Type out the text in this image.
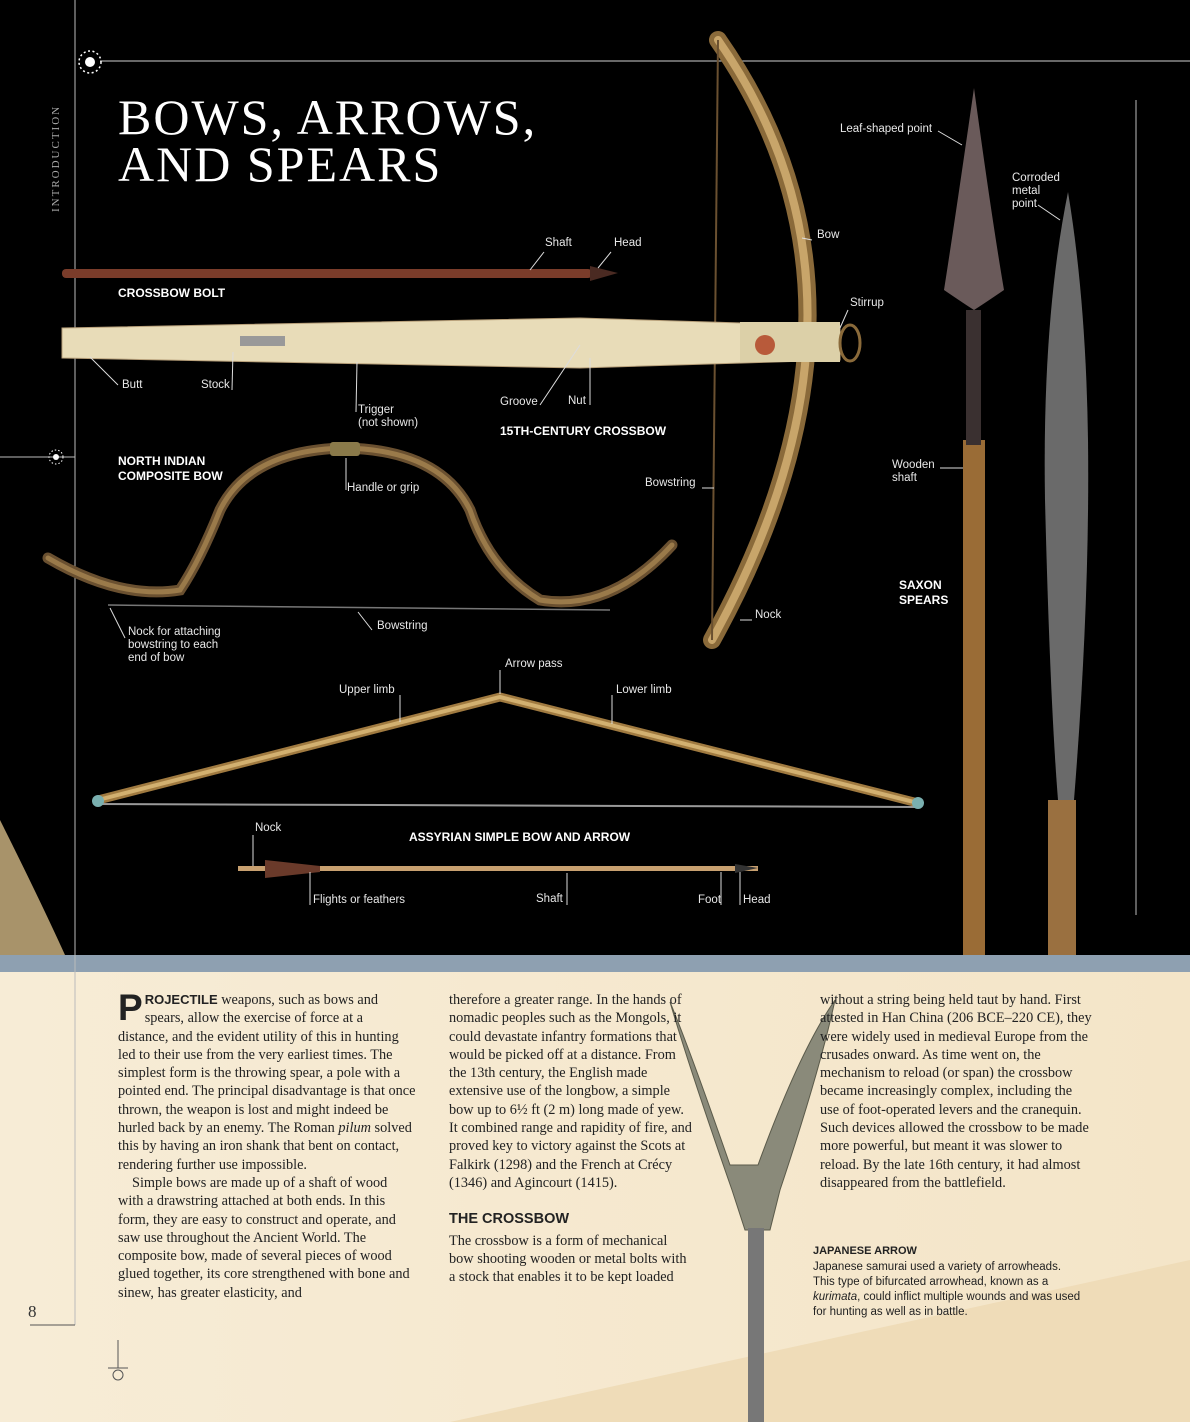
INTRODUCTION BOWS, ARROWS,
AND SPEARS
CROSSBOW BOLT
15TH-CENTURY CROSSBOW
NORTH INDIAN
COMPOSITE BOW
ASSYRIAN SIMPLE BOW AND ARROW
SAXON
SPEARS
Shaft	Head
Bow
Stirrup
Butt	Stock
Trigger
(not shown)
Groove	Nut
Handle or grip	Bowstring
Nock
Nock for attaching
bowstring to each
end of bow
Bowstring
Arrow pass
Upper limb	Lower limb
Nock
Flights or feathers	Shaft	Foot Head
Leaf-shaped point
Corroded
metal
point
Wooden
shaft

PROJECTILE weapons, such as bows and spears, allow the exercise of force at a distance, and the evident utility of this in hunting led to their use from the very earliest times. The simplest form is the throwing spear, a pole with a pointed end. The principal disadvantage is that once thrown, the weapon is lost and might indeed be hurled back by an enemy. The Roman pilum solved this by having an iron shank that bent on contact, rendering further use impossible.

Simple bows are made up of a shaft of wood with a drawstring attached at both ends. In this form, they are easy to construct and operate, and saw use throughout the Ancient World. The composite bow, made of several pieces of wood glued together, its core strengthened with bone and sinew, has greater elasticity, and

therefore a greater range. In the hands of nomadic peoples such as the Mongols, it could devastate infantry formations that would be picked off at a distance. From the 13th century, the English made extensive use of the longbow, a simple bow up to 6½ ft (2 m) long made of yew. It combined range and rapidity of fire, and proved key to victory against the Scots at Falkirk (1298) and the French at Crécy (1346) and Agincourt (1415).

THE CROSSBOW

The crossbow is a form of mechanical bow shooting wooden or metal bolts with a stock that enables it to be kept loaded

without a string being held taut by hand. First attested in Han China (206 BCE–220 CE), they were widely used in medieval Europe from the crusades onward. As time went on, the mechanism to reload (or span) the crossbow became increasingly complex, including the use of foot-operated levers and the cranequin. Such devices allowed the crossbow to be made more powerful, but meant it was slower to reload. By the late 16th century, it had almost disappeared from the battlefield.

JAPANESE ARROW
Japanese samurai used a variety of arrowheads. This type of bifurcated arrowhead, known as a kurimata, could inflict multiple wounds and was used for hunting as well as in battle.
8
